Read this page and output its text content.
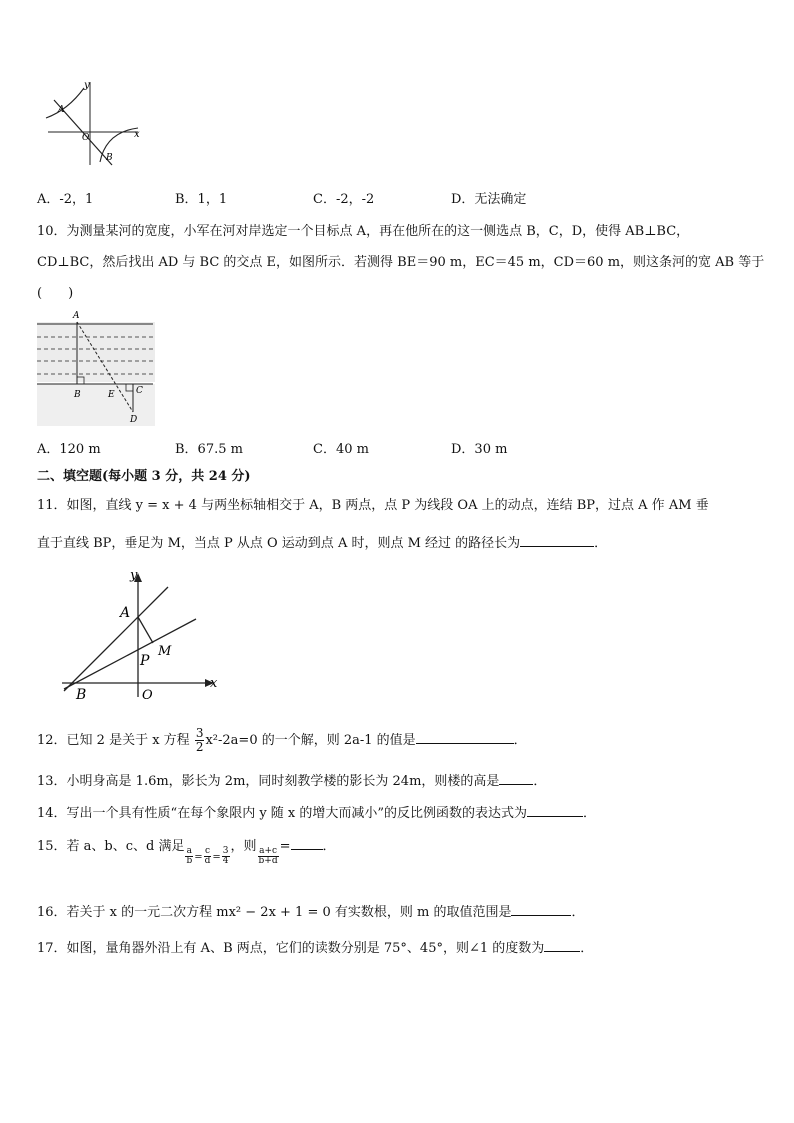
y
x
A
O
B
A．-2，1	B．1，1	C．-2，-2	D．无法确定
10．为测量某河的宽度，小军在河对岸选定一个目标点 A，再在他所在的这一侧选点 B，C，D，使得 AB⊥BC，
CD⊥BC，然后找出 AD 与 BC 的交点 E，如图所示．若测得 BE＝90 m，EC＝45 m，CD＝60 m，则这条河的宽 AB 等于
(　　)
A
B	E C
D
A．120 m	B．67.5 m	C．40 m	D．30 m
二、填空题(每小题 3 分，共 24 分)
11．如图，直线 y = x + 4 与两坐标轴相交于 A，B 两点，点 P 为线段 OA 上的动点，连结 BP，过点 A 作 AM 垂
直于直线 BP，垂足为 M，当点 P 从点 O 运动到点 A 时，则点 M 经过 的路径长为	．
y
x
A
P
M
B	O
12．已知 2 是关于 x 方程 $\frac{3}{2} x^2-2a=0$ 的一个解，则 2a-1 的值是	．
13．小明身高是 1.6m，影长为 2m，同时刻教学楼的影长为 24m，则楼的高是	．
14．写出一个具有性质“在每个象限内 y 随 x 的增大而减小”的反比例函数的表达式为	．
15．若 a、b、c、d 满足
$\frac{a}{b} _= \frac{c}{d} _= \frac{3}{4}$
，则
$\frac{a+c}{b+d}$
= ．
16．若关于 x 的一元二次方程 mx² − 2x + 1 = 0 有实数根，则 m 的取值范围是	．
17．如图，量角器外沿上有 A、B 两点，它们的读数分别是 75°、45°，则∠1 的度数为	．
